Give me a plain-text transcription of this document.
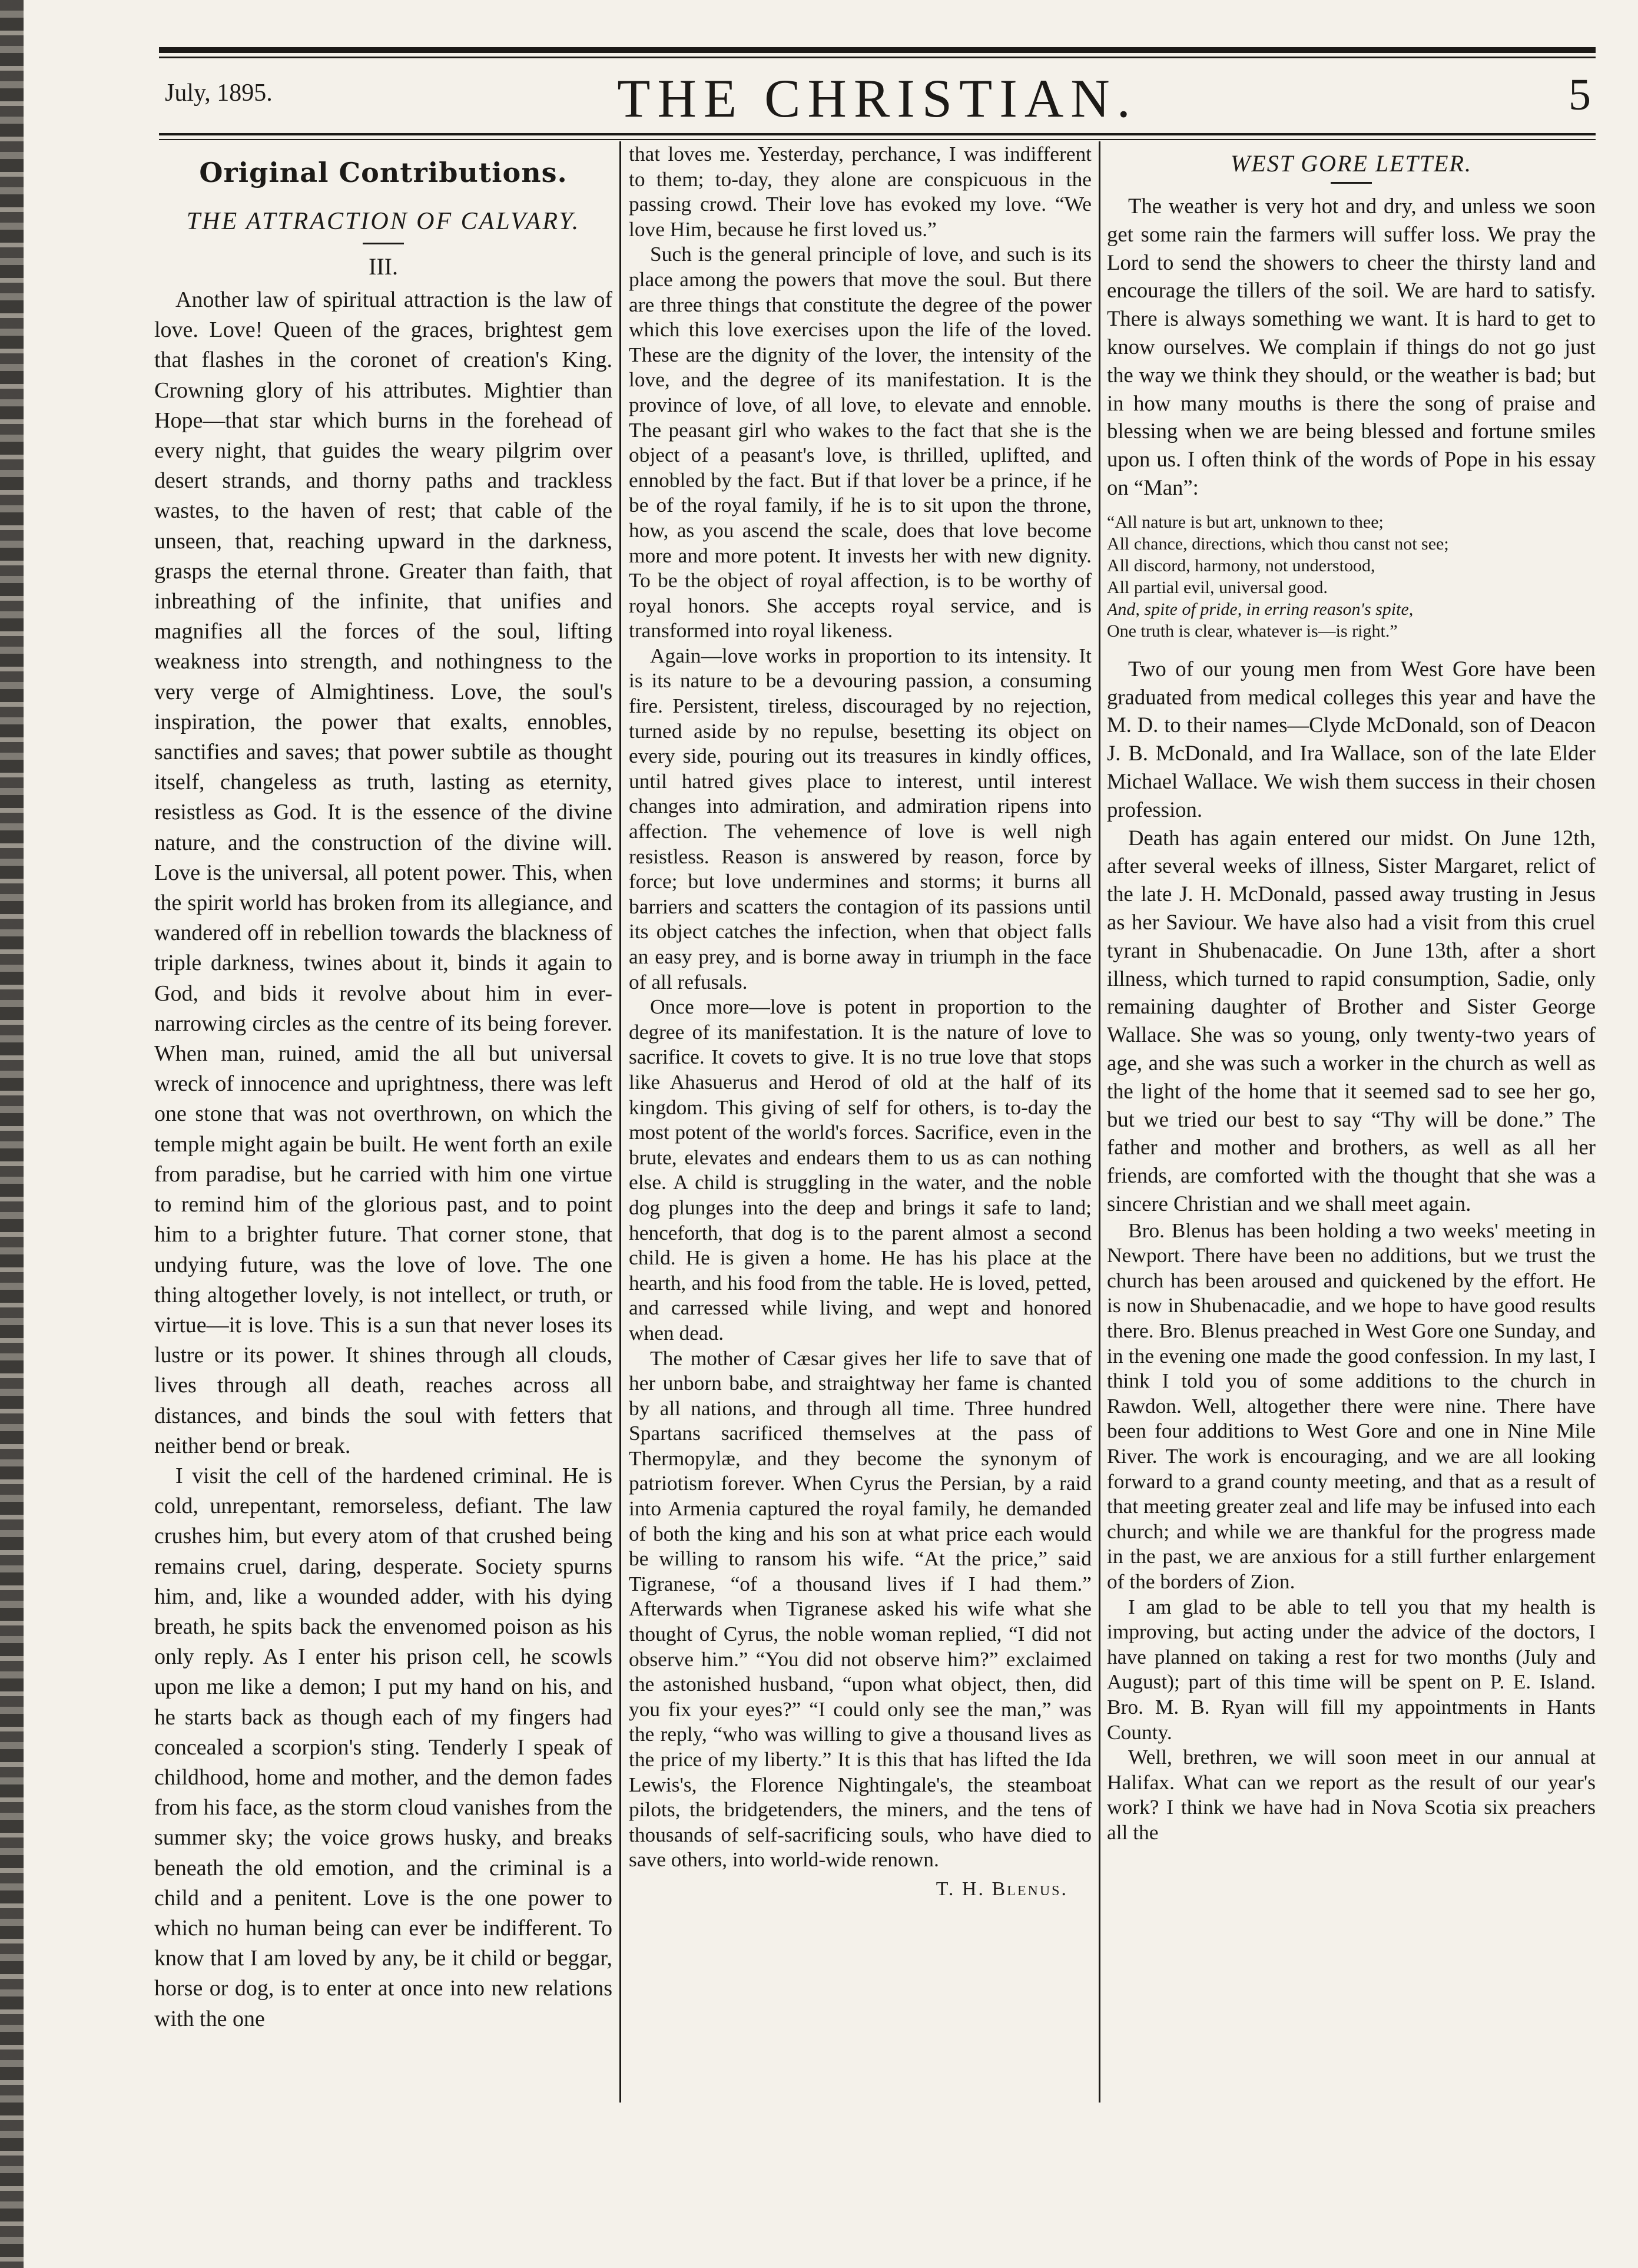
July, 1895.	THE CHRISTIAN.	5
Original Contributions.
THE ATTRACTION OF CALVARY.
III.

Another law of spiritual attraction is the law of love. Love! Queen of the graces, brightest gem that flashes in the coronet of creation's King. Crowning glory of his attributes. Mightier than Hope—that star which burns in the forehead of every night, that guides the weary pilgrim over desert strands, and thorny paths and trackless wastes, to the haven of rest; that cable of the unseen, that, reaching upward in the darkness, grasps the eternal throne. Greater than faith, that inbreathing of the infinite, that unifies and magnifies all the forces of the soul, lifting weakness into strength, and nothingness to the very verge of Almightiness. Love, the soul's inspiration, the power that exalts, ennobles, sanctifies and saves; that power subtile as thought itself, changeless as truth, lasting as eternity, resistless as God. It is the essence of the divine nature, and the construction of the divine will. Love is the universal, all potent power. This, when the spirit world has broken from its allegiance, and wandered off in rebellion towards the blackness of triple darkness, twines about it, binds it again to God, and bids it revolve about him in ever-narrowing circles as the centre of its being forever. When man, ruined, amid the all but universal wreck of innocence and uprightness, there was left one stone that was not overthrown, on which the temple might again be built. He went forth an exile from paradise, but he carried with him one virtue to remind him of the glorious past, and to point him to a brighter future. That corner stone, that undying future, was the love of love. The one thing altogether lovely, is not intellect, or truth, or virtue—it is love. This is a sun that never loses its lustre or its power. It shines through all clouds, lives through all death, reaches across all distances, and binds the soul with fetters that neither bend or break.

I visit the cell of the hardened criminal. He is cold, unrepentant, remorseless, defiant. The law crushes him, but every atom of that crushed being remains cruel, daring, desperate. Society spurns him, and, like a wounded adder, with his dying breath, he spits back the envenomed poison as his only reply. As I enter his prison cell, he scowls upon me like a demon; I put my hand on his, and he starts back as though each of my fingers had concealed a scorpion's sting. Tenderly I speak of childhood, home and mother, and the demon fades from his face, as the storm cloud vanishes from the summer sky; the voice grows husky, and breaks beneath the old emotion, and the criminal is a child and a penitent. Love is the one power to which no human being can ever be indifferent. To know that I am loved by any, be it child or beggar, horse or dog, is to enter at once into new relations with the one

that loves me. Yesterday, perchance, I was indifferent to them; to-day, they alone are conspicuous in the passing crowd. Their love has evoked my love. “We love Him, because he first loved us.”

Such is the general principle of love, and such is its place among the powers that move the soul. But there are three things that constitute the degree of the power which this love exercises upon the life of the loved. These are the dignity of the lover, the intensity of the love, and the degree of its manifestation. It is the province of love, of all love, to elevate and ennoble. The peasant girl who wakes to the fact that she is the object of a peasant's love, is thrilled, uplifted, and ennobled by the fact. But if that lover be a prince, if he be of the royal family, if he is to sit upon the throne, how, as you ascend the scale, does that love become more and more potent. It invests her with new dignity. To be the object of royal affection, is to be worthy of royal honors. She accepts royal service, and is transformed into royal likeness.

Again—love works in proportion to its intensity. It is its nature to be a devouring passion, a consuming fire. Persistent, tireless, discouraged by no rejection, turned aside by no repulse, besetting its object on every side, pouring out its treasures in kindly offices, until hatred gives place to interest, until interest changes into admiration, and admiration ripens into affection. The vehemence of love is well nigh resistless. Reason is answered by reason, force by force; but love undermines and storms; it burns all barriers and scatters the contagion of its passions until its object catches the infection, when that object falls an easy prey, and is borne away in triumph in the face of all refusals.

Once more—love is potent in proportion to the degree of its manifestation. It is the nature of love to sacrifice. It covets to give. It is no true love that stops like Ahasuerus and Herod of old at the half of its kingdom. This giving of self for others, is to-day the most potent of the world's forces. Sacrifice, even in the brute, elevates and endears them to us as can nothing else. A child is struggling in the water, and the noble dog plunges into the deep and brings it safe to land; henceforth, that dog is to the parent almost a second child. He is given a home. He has his place at the hearth, and his food from the table. He is loved, petted, and carressed while living, and wept and honored when dead.

The mother of Cæsar gives her life to save that of her unborn babe, and straightway her fame is chanted by all nations, and through all time. Three hundred Spartans sacrificed themselves at the pass of Thermopylæ, and they become the synonym of patriotism forever. When Cyrus the Persian, by a raid into Armenia captured the royal family, he demanded of both the king and his son at what price each would be willing to ransom his wife. “At the price,” said Tigranese, “of a thousand lives if I had them.” Afterwards when Tigranese asked his wife what she thought of Cyrus, the noble woman replied, “I did not observe him.” “You did not observe him?” exclaimed the astonished husband, “upon what object, then, did you fix your eyes?” “I could only see the man,” was the reply, “who was willing to give a thousand lives as the price of my liberty.” It is this that has lifted the Ida Lewis's, the Florence Nightingale's, the steamboat pilots, the bridgetenders, the miners, and the tens of thousands of self-sacrificing souls, who have died to save others, into world-wide renown.

T. H. Blenus.
WEST GORE LETTER.

The weather is very hot and dry, and unless we soon get some rain the farmers will suffer loss. We pray the Lord to send the showers to cheer the thirsty land and encourage the tillers of the soil. We are hard to satisfy. There is always something we want. It is hard to get to know ourselves. We complain if things do not go just the way we think they should, or the weather is bad; but in how many mouths is there the song of praise and blessing when we are being blessed and fortune smiles upon us. I often think of the words of Pope in his essay on “Man”:

“All nature is but art, unknown to thee;
All chance, directions, which thou canst not see;
All discord, harmony, not understood,
All partial evil, universal good.
And, spite of pride, in erring reason's spite,
One truth is clear, whatever is—is right.”

Two of our young men from West Gore have been graduated from medical colleges this year and have the M. D. to their names—Clyde McDonald, son of Deacon J. B. McDonald, and Ira Wallace, son of the late Elder Michael Wallace. We wish them success in their chosen profession.

Death has again entered our midst. On June 12th, after several weeks of illness, Sister Margaret, relict of the late J. H. McDonald, passed away trusting in Jesus as her Saviour. We have also had a visit from this cruel tyrant in Shubenacadie. On June 13th, after a short illness, which turned to rapid consumption, Sadie, only remaining daughter of Brother and Sister George Wallace. She was so young, only twenty-two years of age, and she was such a worker in the church as well as the light of the home that it seemed sad to see her go, but we tried our best to say “Thy will be done.” The father and mother and brothers, as well as all her friends, are comforted with the thought that she was a sincere Christian and we shall meet again.

Bro. Blenus has been holding a two weeks' meeting in Newport. There have been no additions, but we trust the church has been aroused and quickened by the effort. He is now in Shubenacadie, and we hope to have good results there. Bro. Blenus preached in West Gore one Sunday, and in the evening one made the good confession. In my last, I think I told you of some additions to the church in Rawdon. Well, altogether there were nine. There have been four additions to West Gore and one in Nine Mile River. The work is encouraging, and we are all looking forward to a grand county meeting, and that as a result of that meeting greater zeal and life may be infused into each church; and while we are thankful for the progress made in the past, we are anxious for a still further enlargement of the borders of Zion.

I am glad to be able to tell you that my health is improving, but acting under the advice of the doctors, I have planned on taking a rest for two months (July and August); part of this time will be spent on P. E. Island. Bro. M. B. Ryan will fill my appointments in Hants County.

Well, brethren, we will soon meet in our annual at Halifax. What can we report as the result of our year's work? I think we have had in Nova Scotia six preachers all the
